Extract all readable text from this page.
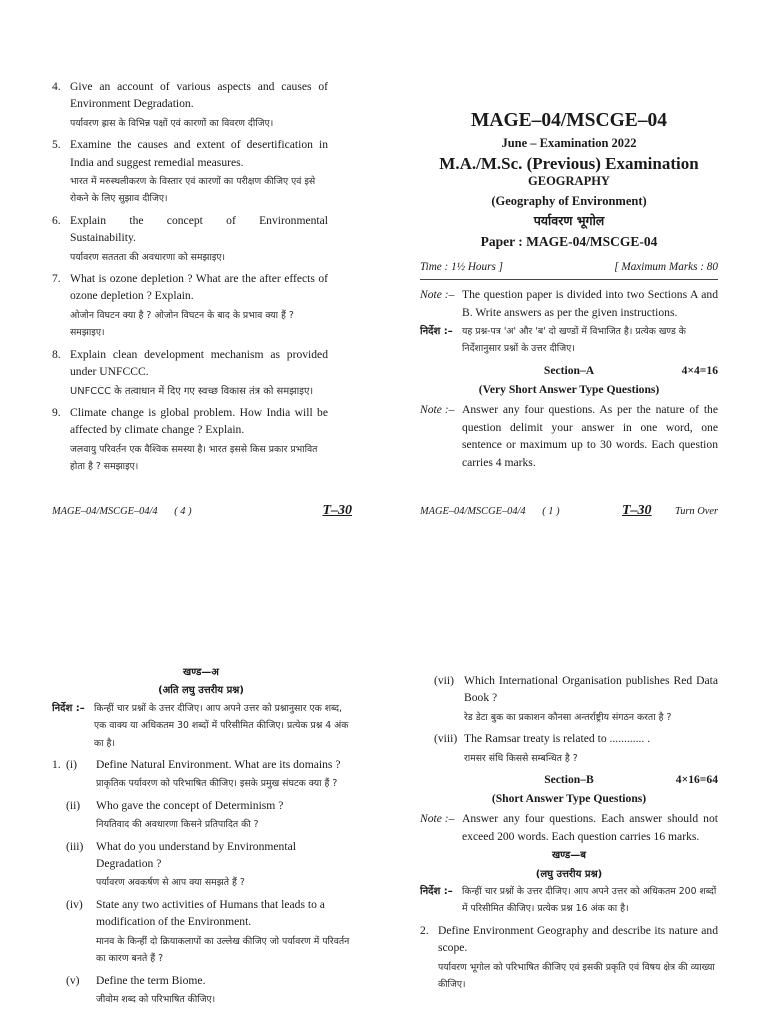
4. Give an account of various aspects and causes of Environment Degradation.
पर्यावरण ह्रास के विभिन्न पक्षों एवं कारणों का विवरण दीजिए।
5. Examine the causes and extent of desertification in India and suggest remedial measures.
भारत में मरुस्थलीकरण के विस्तार एवं कारणों का परीक्षण कीजिए एवं इसे रोकने के लिए सुझाव दीजिए।
6. Explain the concept of Environmental Sustainability.
पर्यावरण सततता की अवधारणा को समझाइए।
7. What is ozone depletion ? What are the after effects of ozone depletion ? Explain.
ओजोन विघटन क्या है ? ओजोन विघटन के बाद के प्रभाव क्या हैं ? समझाइए।
8. Explain clean development mechanism as provided under UNFCCC.
UNFCCC के तत्वाधान में दिए गए स्वच्छ विकास तंत्र को समझाइए।
9. Climate change is global problem. How India will be affected by climate change ? Explain.
जलवायु परिवर्तन एक वैश्विक समस्या है। भारत इससे किस प्रकार प्रभावित होता है ? समझाइए।
MAGE–04/MSCGE–04/4 ( 4 )	T–30
MAGE–04/MSCGE–04
June – Examination 2022
M.A./M.Sc. (Previous) Examination
GEOGRAPHY
(Geography of Environment)
पर्यावरण भूगोल
Paper : MAGE-04/MSCGE-04
Time : 1½ Hours ]	[ Maximum Marks : 80
Note :– The question paper is divided into two Sections A and B. Write answers as per the given instructions.
निर्देश :– यह प्रश्न-पत्र 'अ' और 'ब' दो खण्डों में विभाजित है। प्रत्येक खण्ड के निर्देशानुसार प्रश्नों के उत्तर दीजिए।
Section–A	4×4=16
(Very Short Answer Type Questions)
Note :– Answer any four questions. As per the nature of the question delimit your answer in one word, one sentence or maximum up to 30 words. Each question carries 4 marks.
MAGE–04/MSCGE–04/4 ( 1 )	T–30 Turn Over
खण्ड—अ
(अति लघु उत्तरीय प्रश्न)
निर्देश :– किन्हीं चार प्रश्नों के उत्तर दीजिए। आप अपने उत्तर को प्रश्नानुसार एक शब्द, एक वाक्य या अधिकतम 30 शब्दों में परिसीमित कीजिए। प्रत्येक प्रश्न 4 अंक का है।
1. (i) Define Natural Environment. What are its domains ?
प्राकृतिक पर्यावरण को परिभाषित कीजिए। इसके प्रमुख संघटक क्या हैं ?
(ii) Who gave the concept of Determinism ?
नियतिवाद की अवधारणा किसने प्रतिपादित की ?
(iii) What do you understand by Environmental Degradation ?
पर्यावरण अवकर्षण से आप क्या समझते हैं ?
(iv) State any two activities of Humans that leads to a modification of the Environment.
मानव के किन्हीं दो क्रियाकलापों का उल्लेख कीजिए जो पर्यावरण में परिवर्तन का कारण बनते हैं ?
(v) Define the term Biome.
जीवोम शब्द को परिभाषित कीजिए।
(vii) Which International Organisation publishes Red Data Book ?
रेड डेटा बुक का प्रकाशन कौनसा अन्तर्राष्ट्रीय संगठन करता है ?
(viii) The Ramsar treaty is related to ............ .
रामसर संधि किससे सम्बन्धित है ?
Section–B	4×16=64
(Short Answer Type Questions)
Note :– Answer any four questions. Each answer should not exceed 200 words. Each question carries 16 marks.
खण्ड—ब
(लघु उत्तरीय प्रश्न)
निर्देश :– किन्हीं चार प्रश्नों के उत्तर दीजिए। आप अपने उत्तर को अधिकतम 200 शब्दों में परिसीमित कीजिए। प्रत्येक प्रश्न 16 अंक का है।
2. Define Environment Geography and describe its nature and scope.
पर्यावरण भूगोल को परिभाषित कीजिए एवं इसकी प्रकृति एवं विषय क्षेत्र की व्याख्या कीजिए।
